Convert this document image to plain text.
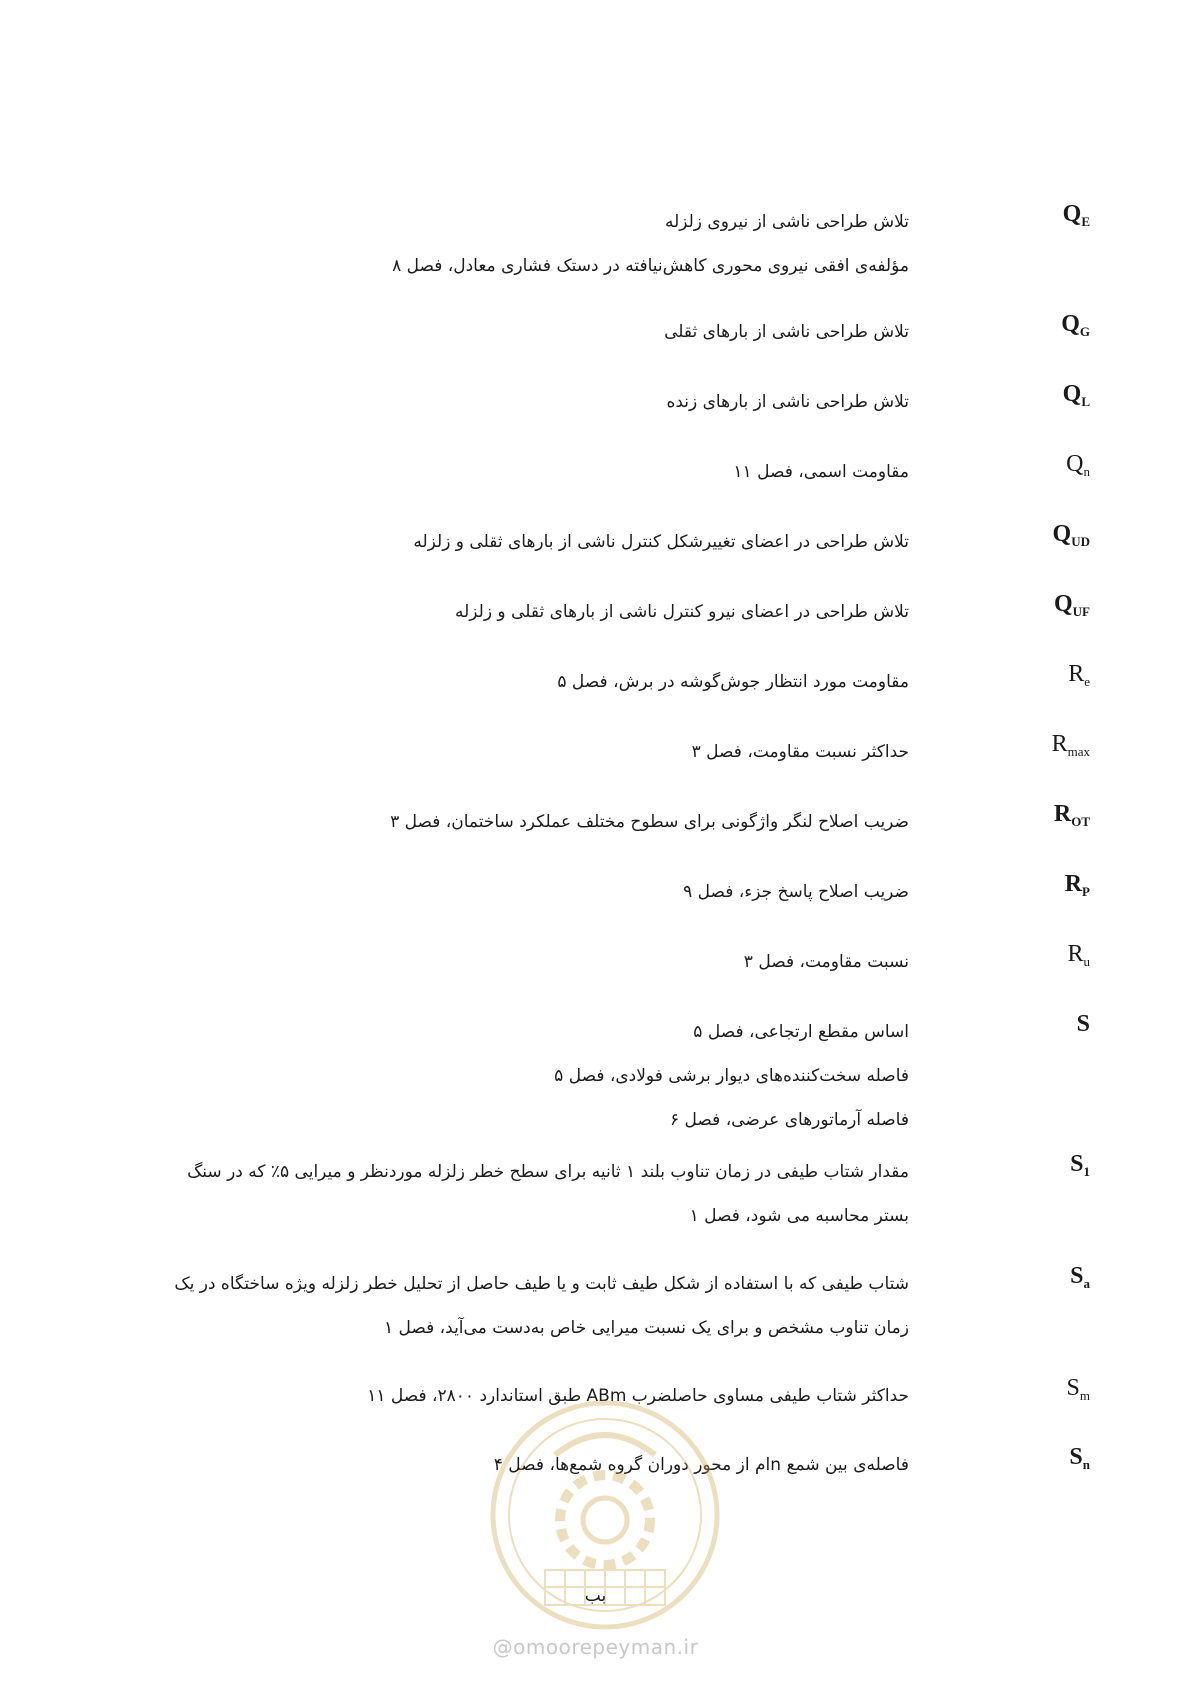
$Q_E$
تلاش طراحی ناشی از نیروی زلزله
مؤلفه‌ی افقی نیروی محوری کاهش‌نیافته در دستک فشاری معادل، فصل ۸
$Q_G$
تلاش طراحی ناشی از بارهای ثقلی
$Q_L$
تلاش طراحی ناشی از بارهای زنده
$Q_n$
مقاومت اسمی، فصل ۱۱
$Q_{UD}$
تلاش طراحی در اعضای تغییرشکل کنترل ناشی از بارهای ثقلی و زلزله
$Q_{UF}$
تلاش طراحی در اعضای نیرو کنترل ناشی از بارهای ثقلی و زلزله
$R_e$
مقاومت مورد انتظار جوش‌گوشه در برش، فصل ۵
$R_{max}$
حداکثر نسبت مقاومت، فصل ۳
$R_{OT}$
ضریب اصلاح لنگر واژگونی برای سطوح مختلف عملکرد ساختمان، فصل ۳
$R_P$
ضریب اصلاح پاسخ جزء، فصل ۹
$R_u$
نسبت مقاومت، فصل ۳
S
اساس مقطع ارتجاعی، فصل ۵
فاصله سخت‌کننده‌های دیوار برشی فولادی، فصل ۵
فاصله آرماتورهای عرضی، فصل ۶
$S_1$
مقدار شتاب طیفی در زمان تناوب بلند ۱ ثانیه برای سطح خطر زلزله موردنظر و میرایی ۵٪ که در سنگ
بستر محاسبه می شود، فصل ۱
$S_a$
شتاب طیفی که با استفاده از شکل طیف ثابت و یا طیف حاصل از تحلیل خطر زلزله ویژه ساختگاه در یک
زمان تناوب مشخص و برای یک نسبت میرایی خاص به‌دست می‌آید، فصل ۱
$S_m$
حداکثر شتاب طیفی مساوی حاصلضرب ABm طبق استاندارد ۲۸۰۰، فصل ۱۱
$S_n$
فاصله‌ی بین شمع nام از محور دوران گروه شمع‌ها، فصل ۴
بب
@omoorepeyman.ir
